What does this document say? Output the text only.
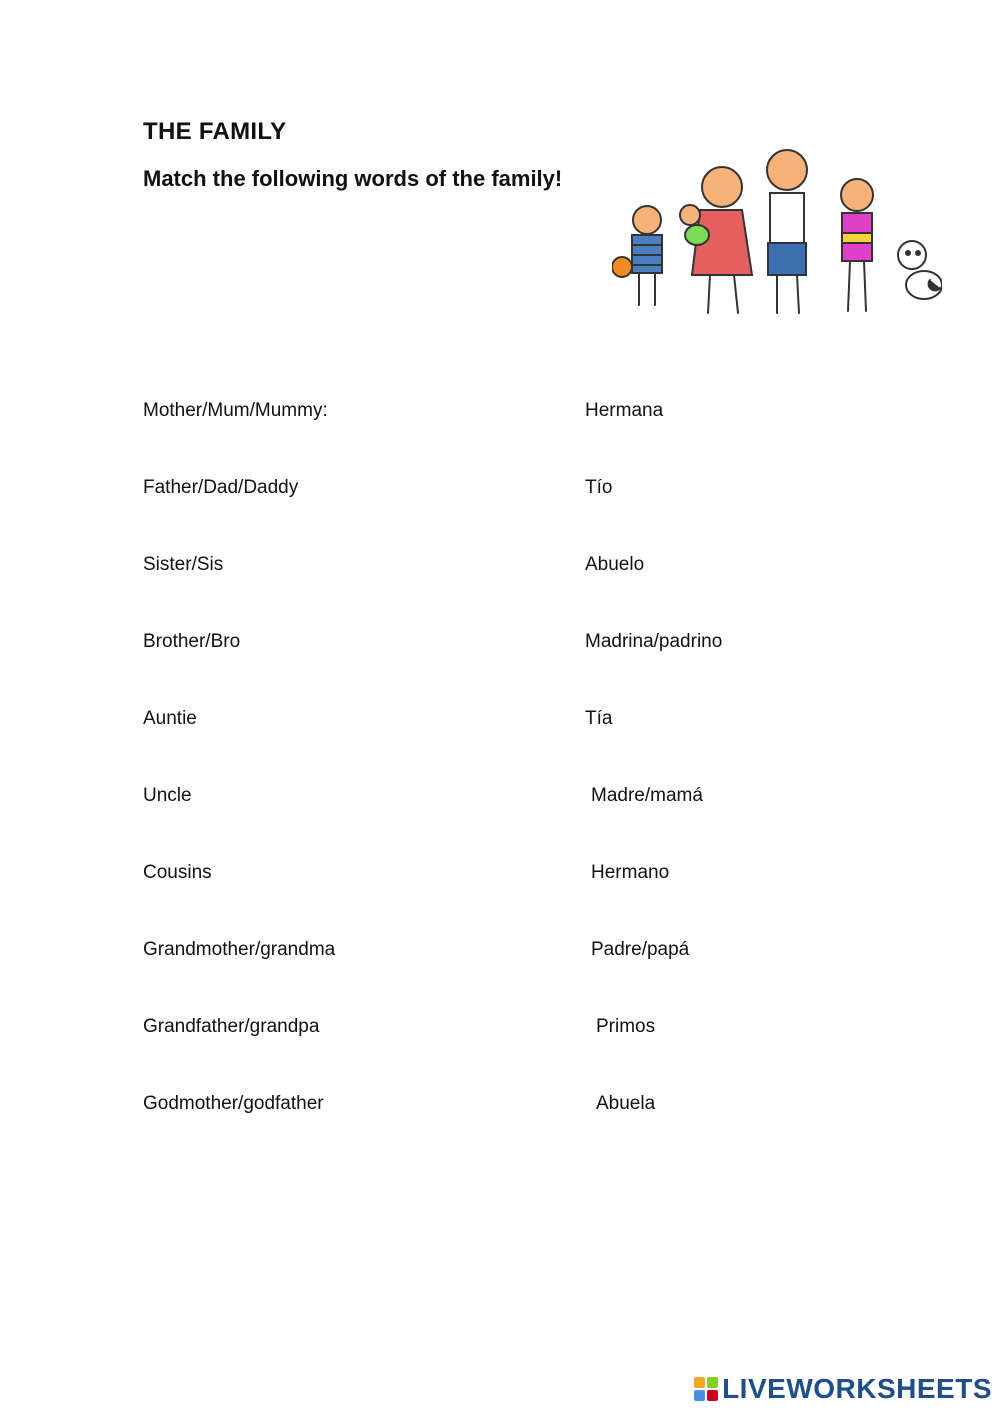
THE FAMILY
Match the following words of the family!
Mother/Mum/Mummy:	Hermana
Father/Dad/Daddy	Tío
Sister/Sis	Abuelo
Brother/Bro	Madrina/padrino
Auntie	Tía
Uncle	Madre/mamá
Cousins	Hermano
Grandmother/grandma	Padre/papá
Grandfather/grandpa	Primos
Godmother/godfather	Abuela
LIVEWORKSHEETS
